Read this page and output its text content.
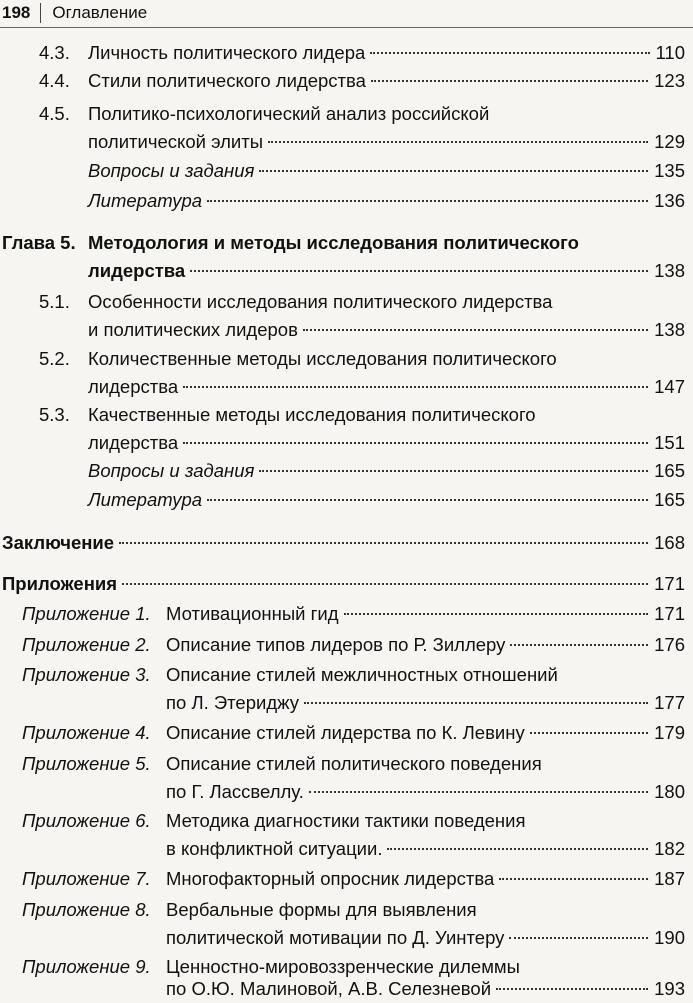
198 Оглавление
4.3. Личность политического лидера	110
4.4. Стили политического лидерства	123
4.5. Политико-психологический анализ российской
политической элиты	129
Вопросы и задания	135
Литература	136
Глава 5. Методология и методы исследования политического
лидерства	138
5.1. Особенности исследования политического лидерства
и политических лидеров	138
5.2. Количественные методы исследования политического
лидерства	147
5.3. Качественные методы исследования политического
лидерства	151
Вопросы и задания	165
Литература	165
Заключение	168
Приложения	171
Приложение 1. Мотивационный гид	171
Приложение 2. Описание типов лидеров по Р. Зиллеру	176
Приложение 3. Описание стилей межличностных отношений
по Л. Этериджу	177
Приложение 4. Описание стилей лидерства по К. Левину	179
Приложение 5. Описание стилей политического поведения
по Г. Лассвеллу.	180
Приложение 6. Методика диагностики тактики поведения
в конфликтной ситуации.	182
Приложение 7. Многофакторный опросник лидерства	187
Приложение 8. Вербальные формы для выявления
политической мотивации по Д. Уинтеру	190
Приложение 9. Ценностно-мировоззренческие дилеммы
по О.Ю. Малиновой, А.В. Селезневой	193
